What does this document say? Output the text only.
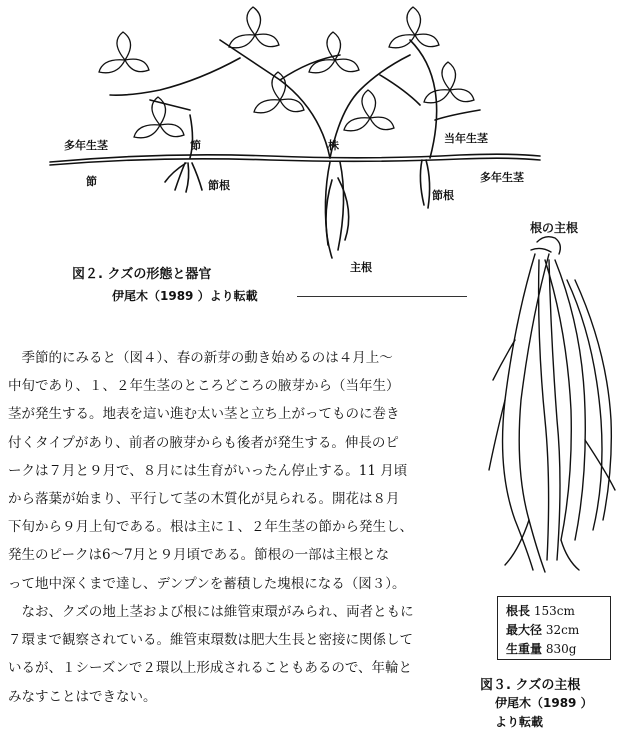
多年生茎	節
節	節根
株
当年生茎
多年生茎
節根
主根
図２. クズの形態と器官
伊尾木（1989 ）より転載
根の主根
根長 153cm
最大径 32cm
生重量 830g
図３. クズの主根
伊尾木（1989 ）
より転載

　季節的にみると（図４）、春の新芽の動き始めるのは４月上～

中旬であり、１、２年生茎のところどころの腋芽から（当年生）

茎が発生する。地表を這い進む太い茎と立ち上がってものに巻き

付くタイプがあり、前者の腋芽からも後者が発生する。伸長のピ

ークは７月と９月で、８月には生育がいったん停止する。11 月頃

から落葉が始まり、平行して茎の木質化が見られる。開花は８月

下旬から９月上旬である。根は主に１、２年生茎の節から発生し、

発生のピークは6～7月と９月頃である。節根の一部は主根とな

って地中深くまで達し、デンプンを蓄積した塊根になる（図３）。

　なお、クズの地上茎および根には維管束環がみられ、両者ともに

７環まで観察されている。維管束環数は肥大生長と密接に関係して

いるが、１シーズンで２環以上形成されることもあるので、年輪と

みなすことはできない。
